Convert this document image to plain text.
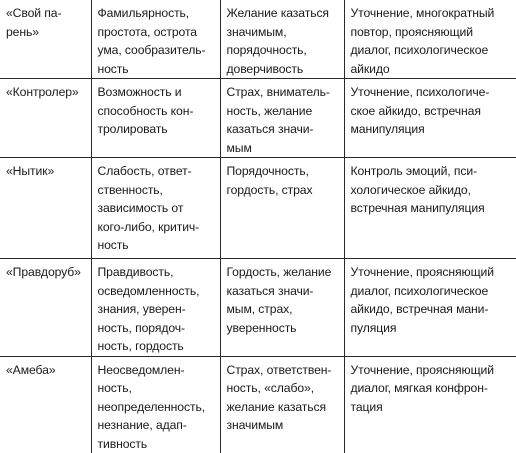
«Свой па-
рень»	Фамильярность,
простота, острота
ума, сообразитель-
ность	Желание казаться
значимым,
порядочность,
доверчивость	Уточнение, многократный
повтор, проясняющий
диалог, психологическое
айкидо

«Контролер»	Возможность и
способность кон-
тролировать	Страх, вниматель-
ность, желание
казаться значи-
мым	Уточнение, психологиче-
ское айкидо, встречная
манипуляция

«Нытик»	Слабость, ответ-
ственность,
зависимость от
кого-либо, критич-
ность	Порядочность,
гордость, страх	Контроль эмоций, пси-
хологическое айкидо,
встречная манипуляция

«Правдоруб»	Правдивость,
осведомленность,
знания, уверен-
ность, порядоч-
ность, гордость	Гордость, желание
казаться значи-
мым, страх,
уверенность	Уточнение, проясняющий
диалог, психологическое
айкидо, встречная мани-
пуляция

«Амеба»	Неосведомлен-
ность,
неопределенность,
незнание, адап-
тивность	Страх, ответствен-
ность, «слабо»,
желание казаться
значимым	Уточнение, проясняющий
диалог, мягкая конфрон-
тация
